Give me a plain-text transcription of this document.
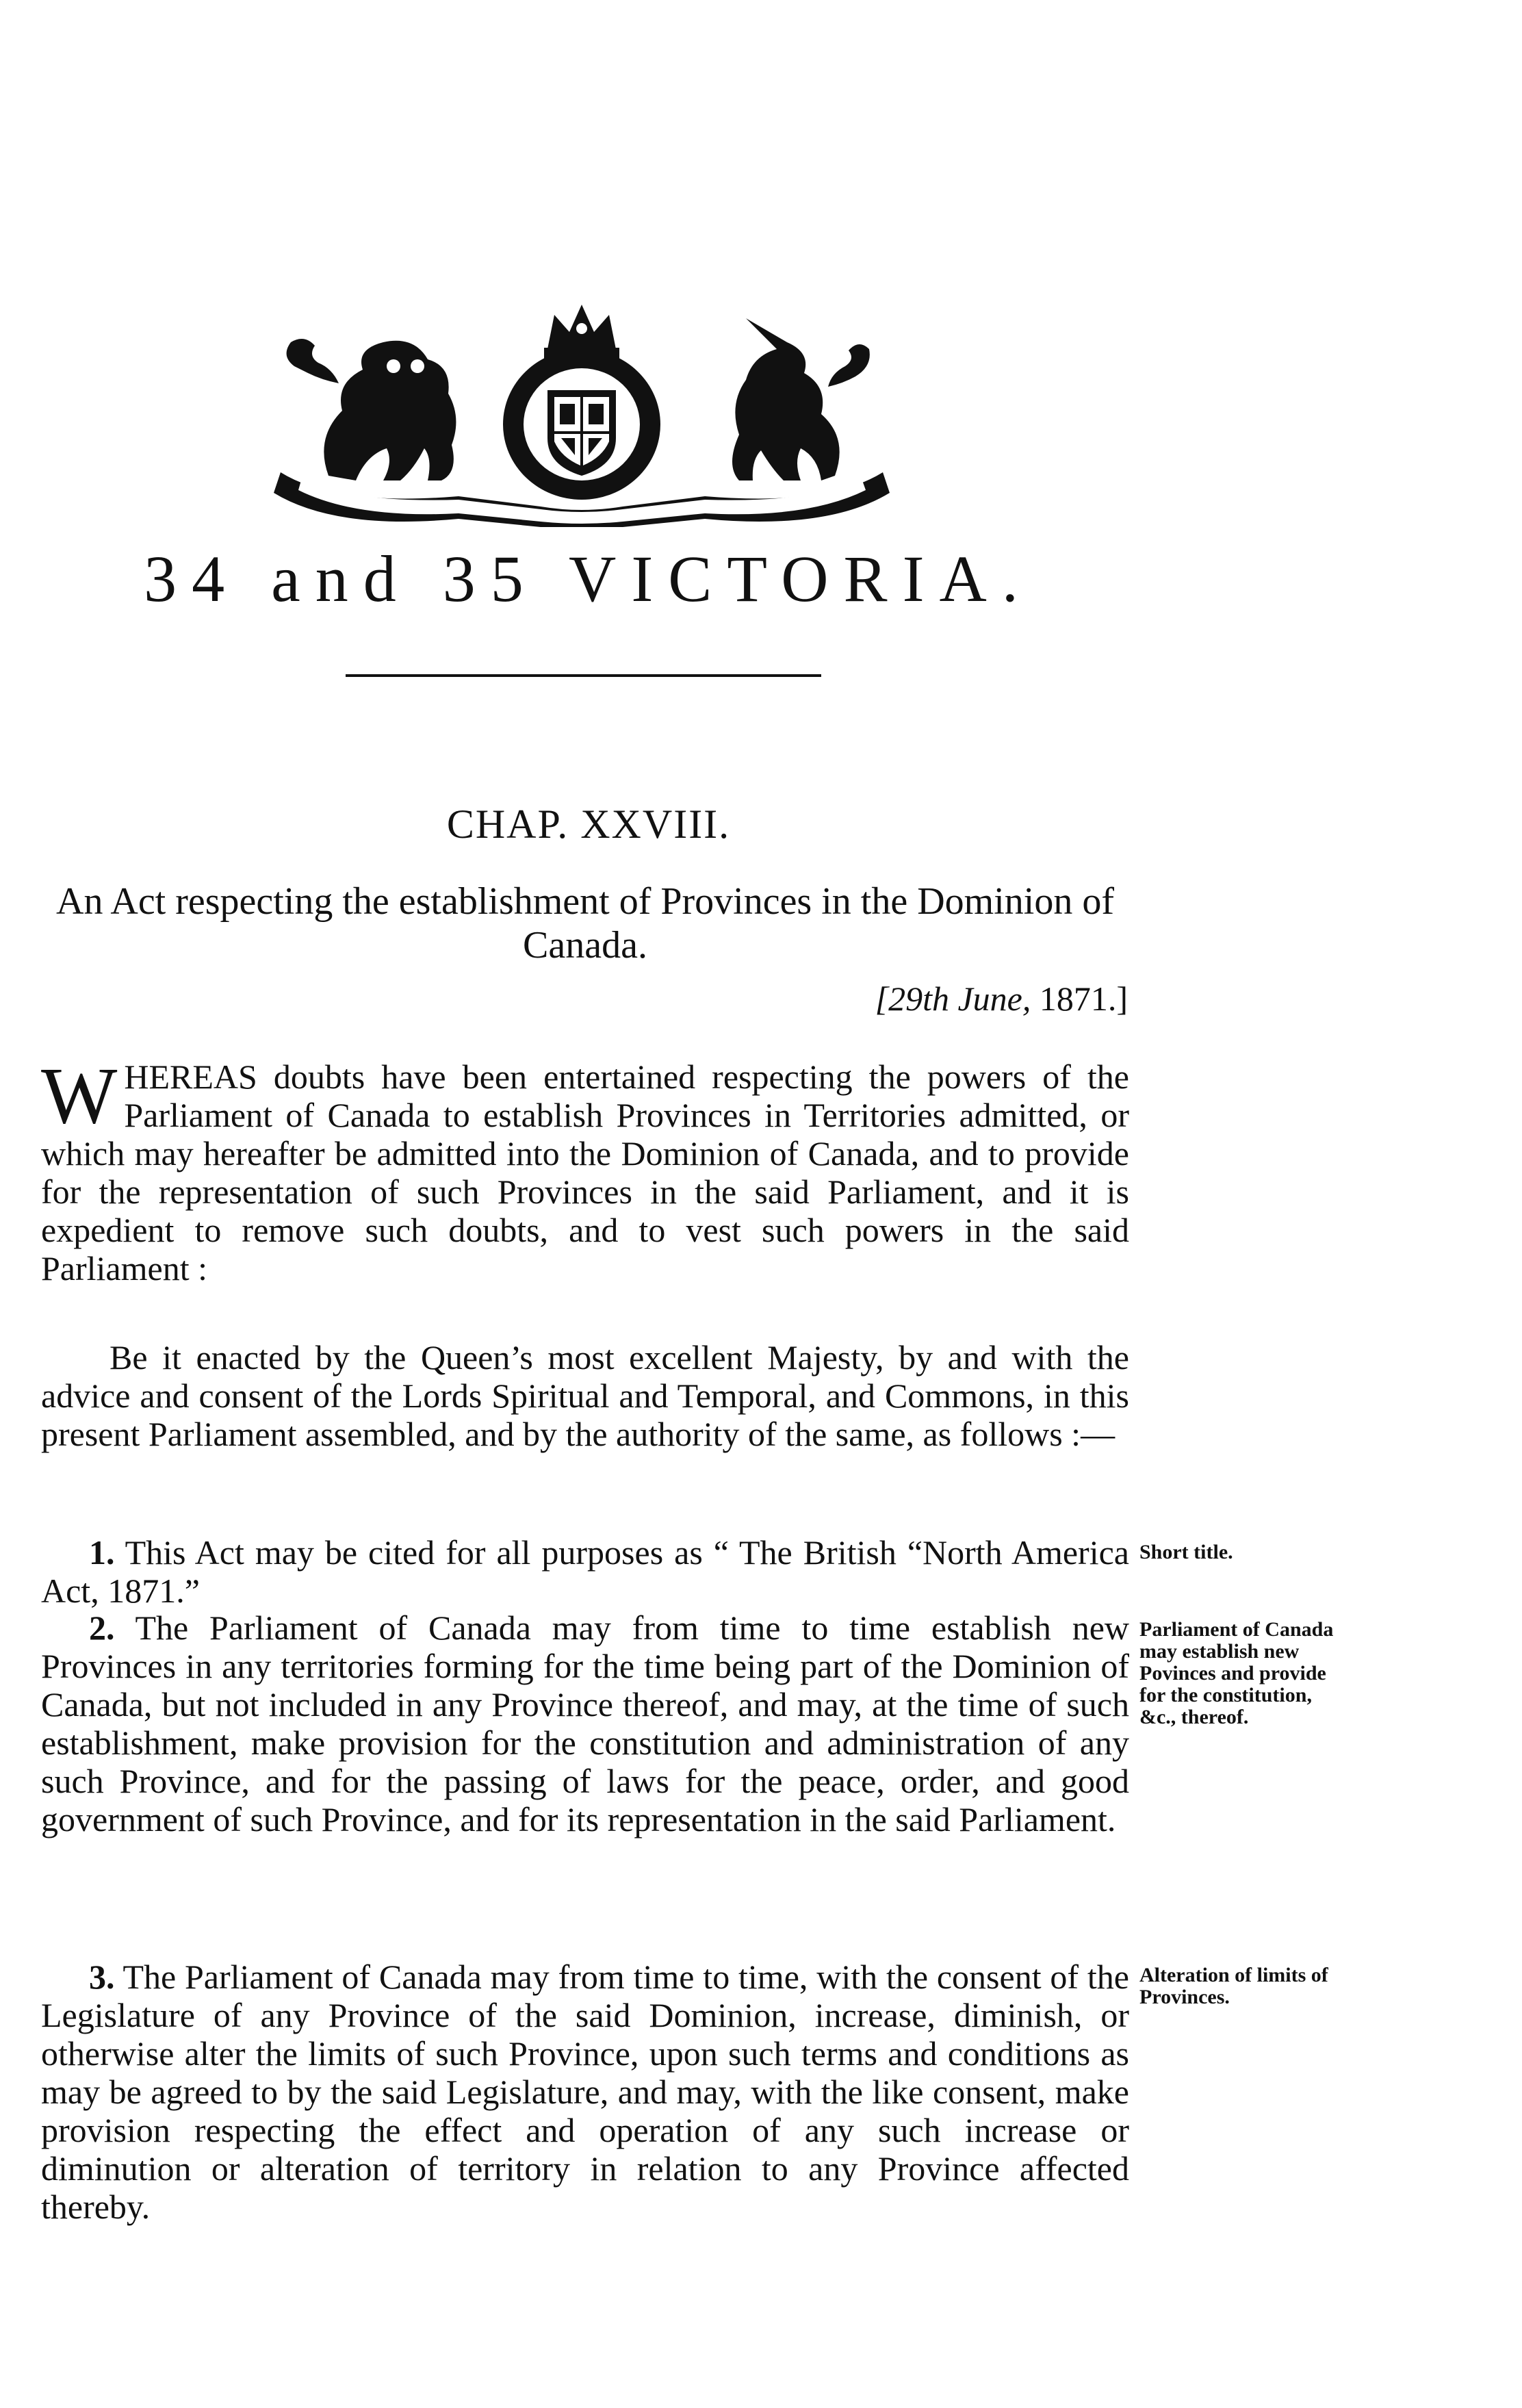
34 and 35 VICTORIA.
CHAP. XXVIII.
An Act respecting the establishment of Provinces in the Dominion of Canada.
[29th June, 1871.]
WHEREAS doubts have been entertained respecting the powers of the Parliament of Canada to establish Provinces in Territories admitted, or which may hereafter be admitted into the Dominion of Canada, and to provide for the representation of such Provinces in the said Parliament, and it is expedient to remove such doubts, and to vest such powers in the said Parliament :
Be it enacted by the Queen’s most excellent Majesty, by and with the advice and consent of the Lords Spiritual and Temporal, and Commons, in this present Parliament assembled, and by the authority of the same, as follows :—
1. This Act may be cited for all purposes as “ The British “North America Act, 1871.”
Short title.
2. The Parliament of Canada may from time to time establish new Provinces in any territories forming for the time being part of the Dominion of Canada, but not included in any Province thereof, and may, at the time of such establishment, make provision for the constitution and administration of any such Province, and for the passing of laws for the peace, order, and good government of such Province, and for its representation in the said Parliament.
Parliament of Canada may establish new Povinces and provide for the constitution, &c., thereof.
3. The Parliament of Canada may from time to time, with the consent of the Legislature of any Province of the said Dominion, increase, diminish, or otherwise alter the limits of such Province, upon such terms and conditions as may be agreed to by the said Legislature, and may, with the like consent, make provision respecting the effect and operation of any such increase or diminution or alteration of territory in relation to any Province affected thereby.
Alteration of limits of Provinces.
